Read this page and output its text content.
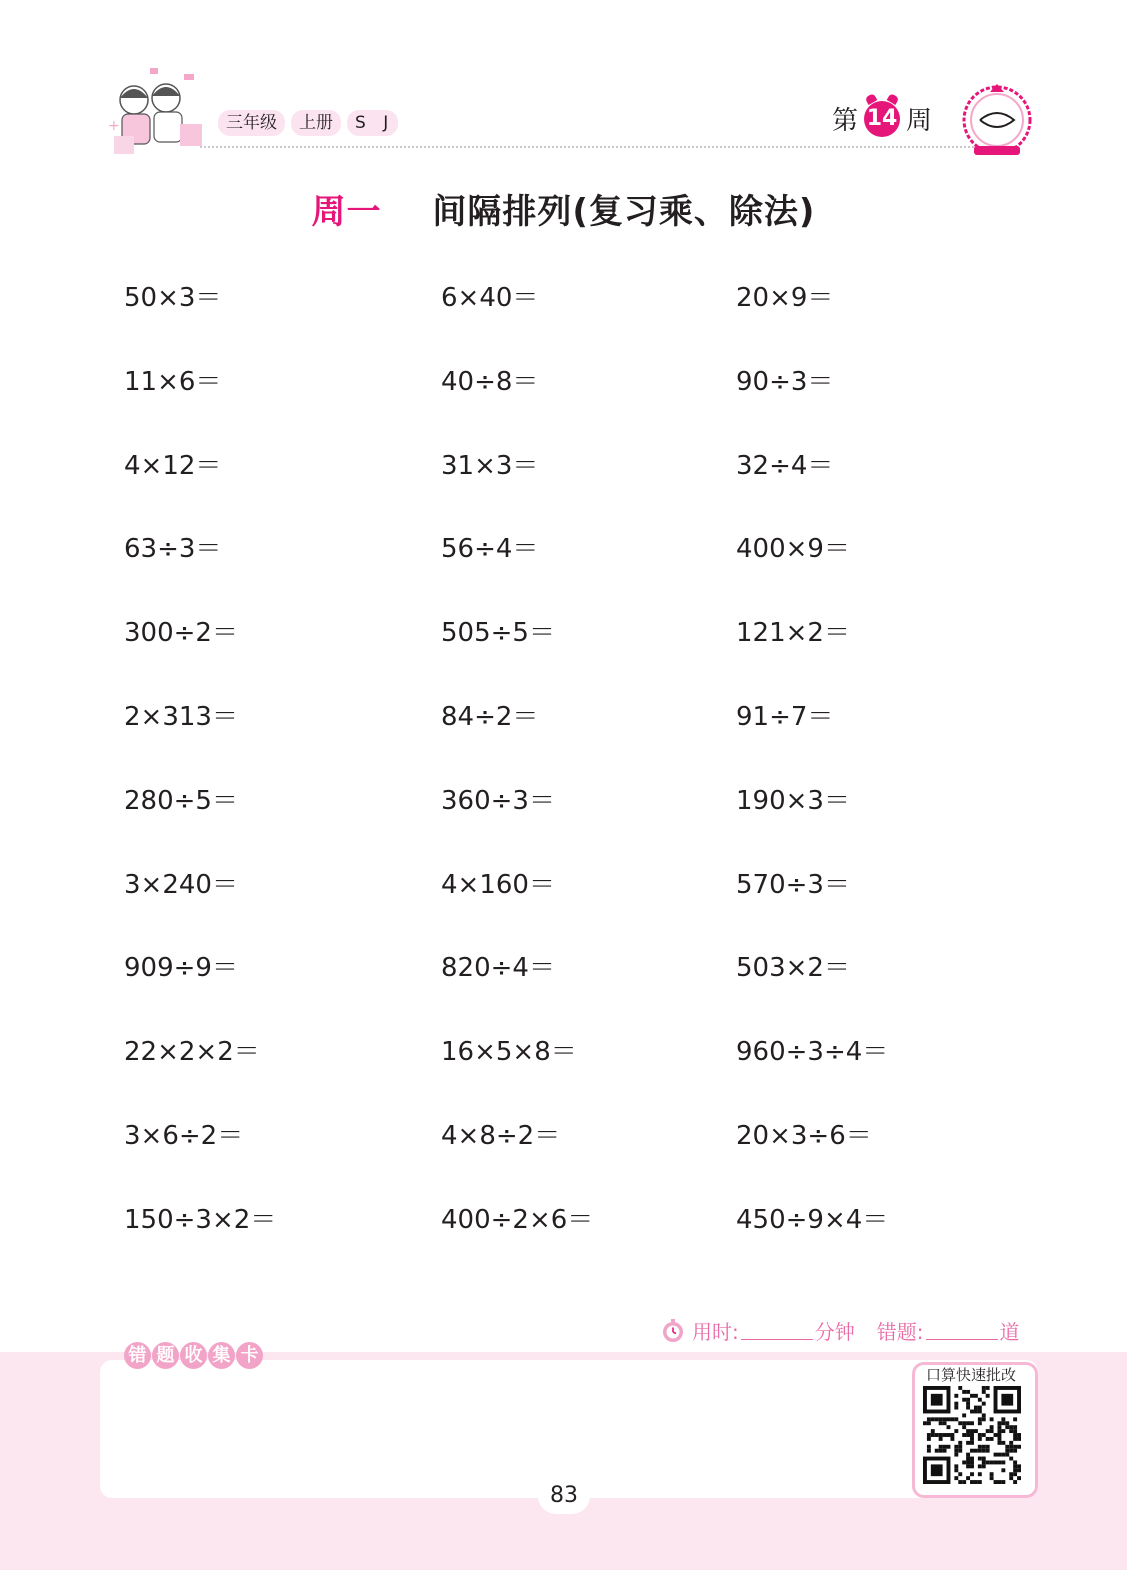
+	三年级	上册	S J	第 14 周
周一 间隔排列(复习乘、除法)
50×3＝	6×40＝	20×9＝
11×6＝	40÷8＝	90÷3＝
4×12＝	31×3＝	32÷4＝
63÷3＝	56÷4＝	400×9＝
300÷2＝	505÷5＝	121×2＝
2×313＝	84÷2＝	91÷7＝
280÷5＝	360÷3＝	190×3＝
3×240＝	4×160＝	570÷3＝
909÷9＝	820÷4＝	503×2＝
22×2×2＝	16×5×8＝	960÷3÷4＝
3×6÷2＝	4×8÷2＝	20×3÷6＝
150÷3×2＝	400÷2×6＝	450÷9×4＝
用时:	分钟 错题:	道
错 题 收 集 卡
口算快速批改
83
